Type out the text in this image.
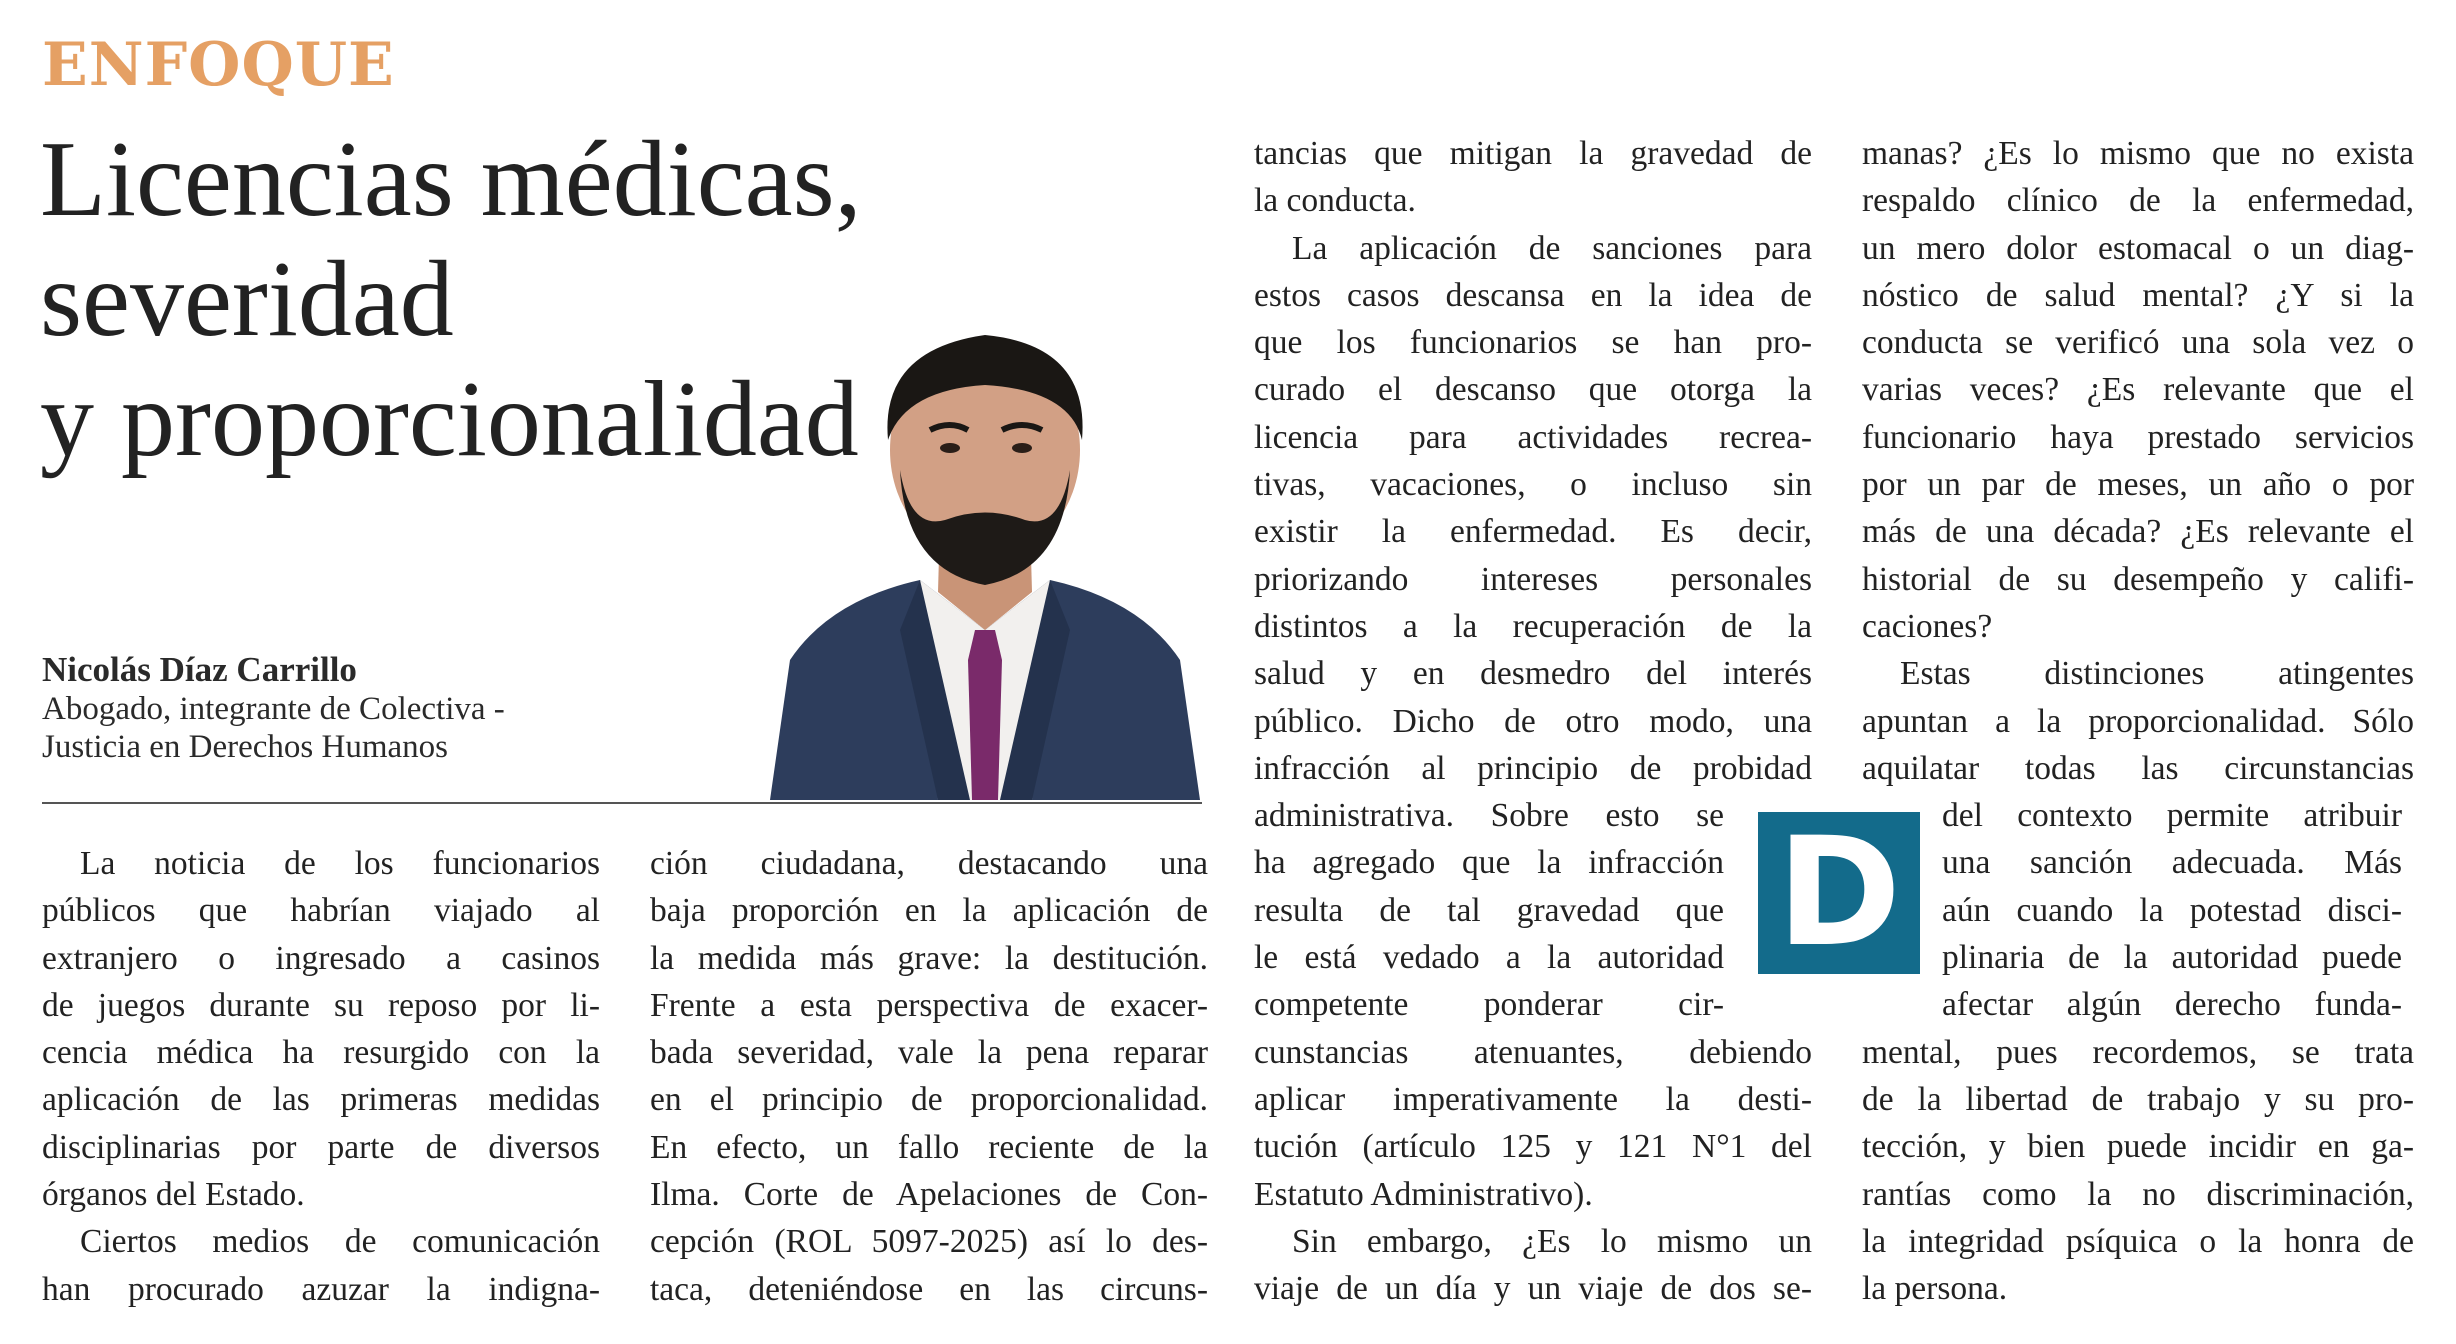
ENFOQUE
Licencias médicas, severidad
y proporcionalidad
Nicolás Díaz Carrillo
Abogado, integrante de Colectiva -
Justicia en Derechos Humanos
La noticia de los funcionarios
públicos que habrían viajado al
extranjero o ingresado a casinos
de juegos durante su reposo por li-
cencia médica ha resurgido con la
aplicación de las primeras medidas
disciplinarias por parte de diversos
órganos del Estado.
Ciertos medios de comunicación
han procurado azuzar la indigna-
ción ciudadana, destacando una
baja proporción en la aplicación de
la medida más grave: la destitución.
Frente a esta perspectiva de exacer-
bada severidad, vale la pena reparar
en el principio de proporcionalidad.
En efecto, un fallo reciente de la
Ilma. Corte de Apelaciones de Con-
cepción (ROL 5097-2025) así lo des-
taca, deteniéndose en las circuns-
tancias que mitigan la gravedad de
la conducta.
La aplicación de sanciones para
estos casos descansa en la idea de
que los funcionarios se han pro-
curado el descanso que otorga la
licencia para actividades recrea-
tivas, vacaciones, o incluso sin
existir la enfermedad. Es decir,
priorizando intereses personales
distintos a la recuperación de la
salud y en desmedro del interés
público. Dicho de otro modo, una
infracción al principio de probidad
administrativa. Sobre esto se
ha agregado que la infracción
resulta de tal gravedad que
le está vedado a la autoridad
competente ponderar cir-
cunstancias atenuantes, debiendo
aplicar imperativamente la desti-
tución (artículo 125 y 121 N°1 del
Estatuto Administrativo).
Sin embargo, ¿Es lo mismo un
viaje de un día y un viaje de dos se-
manas? ¿Es lo mismo que no exista
respaldo clínico de la enfermedad,
un mero dolor estomacal o un diag-
nóstico de salud mental? ¿Y si la
conducta se verificó una sola vez o
varias veces? ¿Es relevante que el
funcionario haya prestado servicios
por un par de meses, un año o por
más de una década? ¿Es relevante el
historial de su desempeño y califi-
caciones?
Estas distinciones atingentes
apuntan a la proporcionalidad. Sólo
aquilatar todas las circunstancias
del contexto permite atribuir
una sanción adecuada. Más
aún cuando la potestad disci-
plinaria de la autoridad puede
afectar algún derecho funda-
mental, pues recordemos, se trata
de la libertad de trabajo y su pro-
tección, y bien puede incidir en ga-
rantías como la no discriminación,
la integridad psíquica o la honra de
la persona.
D
